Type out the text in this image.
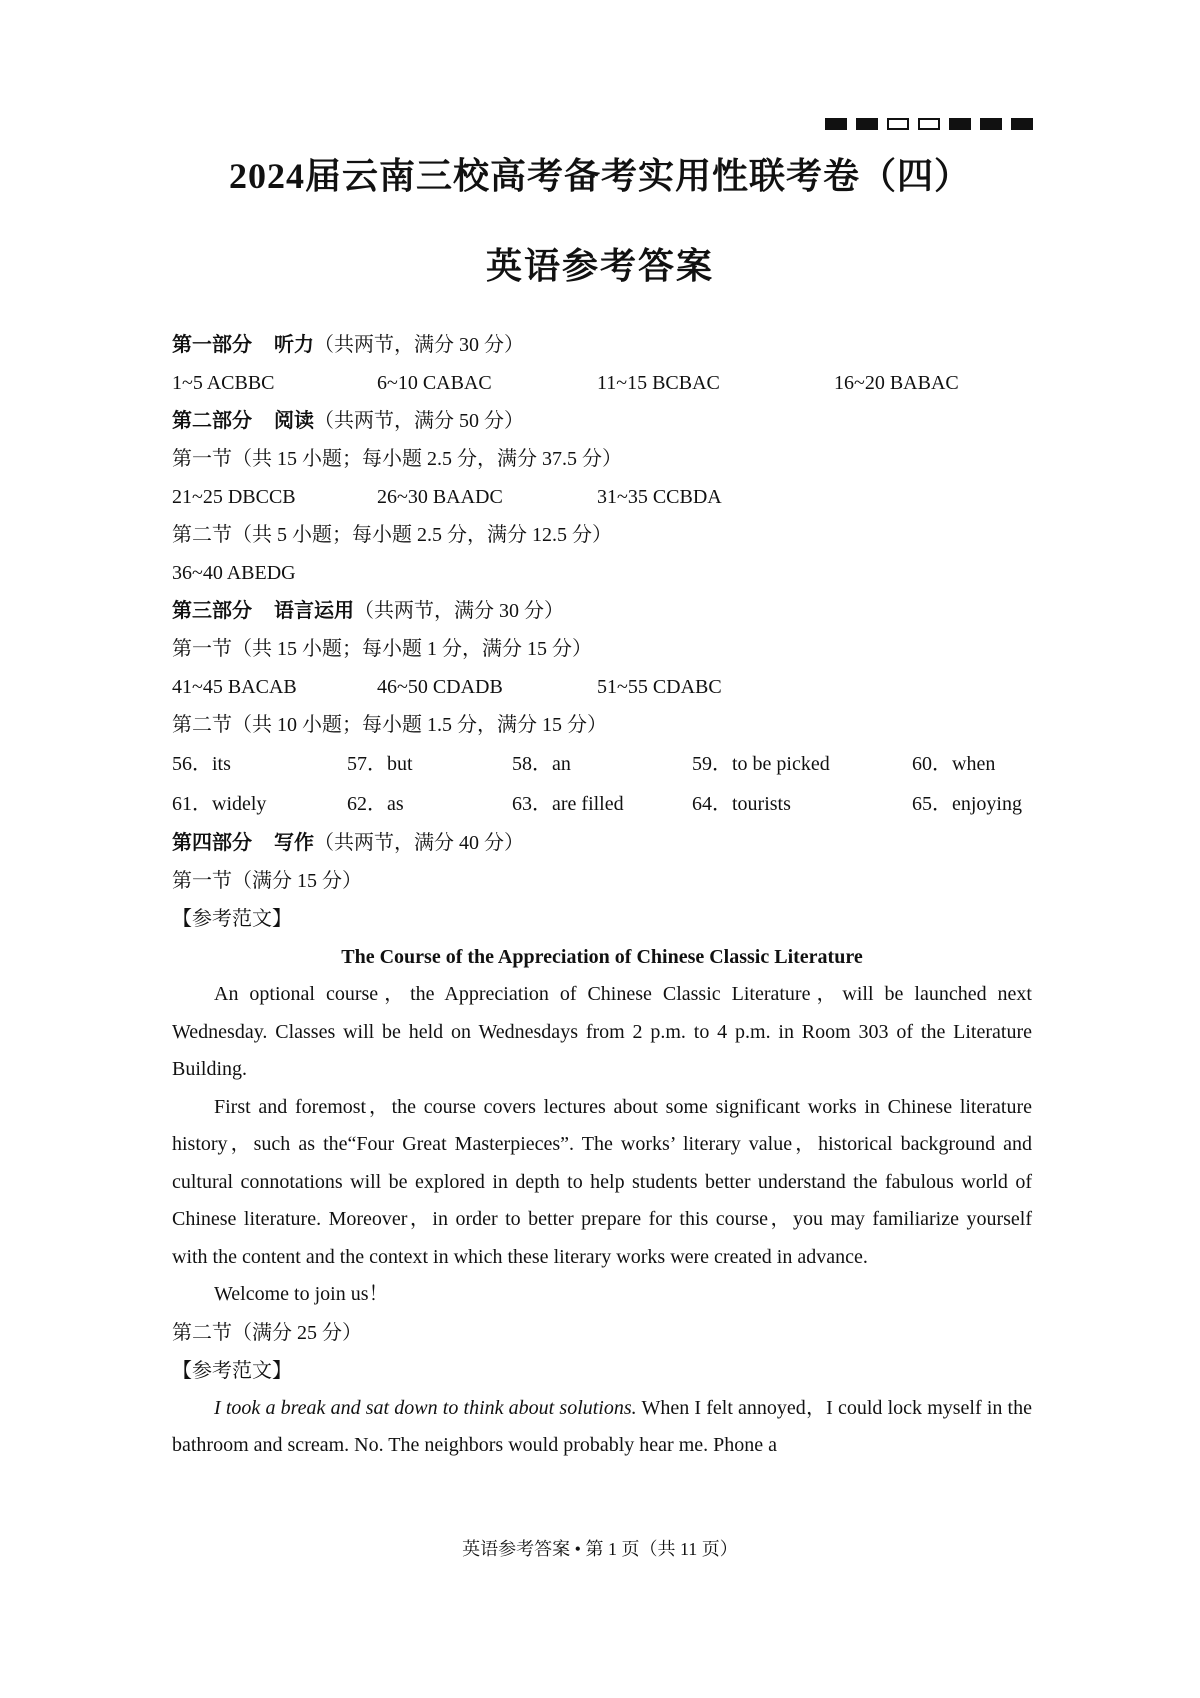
2024届云南三校高考备考实用性联考卷（四）
英语参考答案
第一部分 听力（共两节，满分 30 分）
1~5 ACBBC	6~10 CABAC	11~15 BCBAC	16~20 BABAC
第二部分 阅读（共两节，满分 50 分）
第一节（共 15 小题；每小题 2.5 分，满分 37.5 分）
21~25 DBCCB	26~30 BAADC	31~35 CCBDA
第二节（共 5 小题；每小题 2.5 分，满分 12.5 分）
36~40 ABEDG
第三部分 语言运用（共两节，满分 30 分）
第一节（共 15 小题；每小题 1 分，满分 15 分）
41~45 BACAB	46~50 CDADB	51~55 CDABC
第二节（共 10 小题；每小题 1.5 分，满分 15 分）
56．its	57．but	58．an	59．to be picked	60．when
61．widely	62．as	63．are filled	64．tourists	65．enjoying
第四部分 写作（共两节，满分 40 分）
第一节（满分 15 分）
【参考范文】
The Course of the Appreciation of Chinese Classic Literature

An optional course，the Appreciation of Chinese Classic Literature，will be launched next Wednesday. Classes will be held on Wednesdays from 2 p.m. to 4 p.m. in Room 303 of the Literature Building.

First and foremost，the course covers lectures about some significant works in Chinese literature history，such as the“Four Great Masterpieces”. The works’ literary value，historical background and cultural connotations will be explored in depth to help students better understand the fabulous world of Chinese literature. Moreover，in order to better prepare for this course，you may familiarize yourself with the content and the context in which these literary works were created in advance.

Welcome to join us！

第二节（满分 25 分）
【参考范文】

I took a break and sat down to think about solutions. When I felt annoyed，I could lock myself in the bathroom and scream. No. The neighbors would probably hear me. Phone a

英语参考答案 • 第 1 页（共 11 页）
